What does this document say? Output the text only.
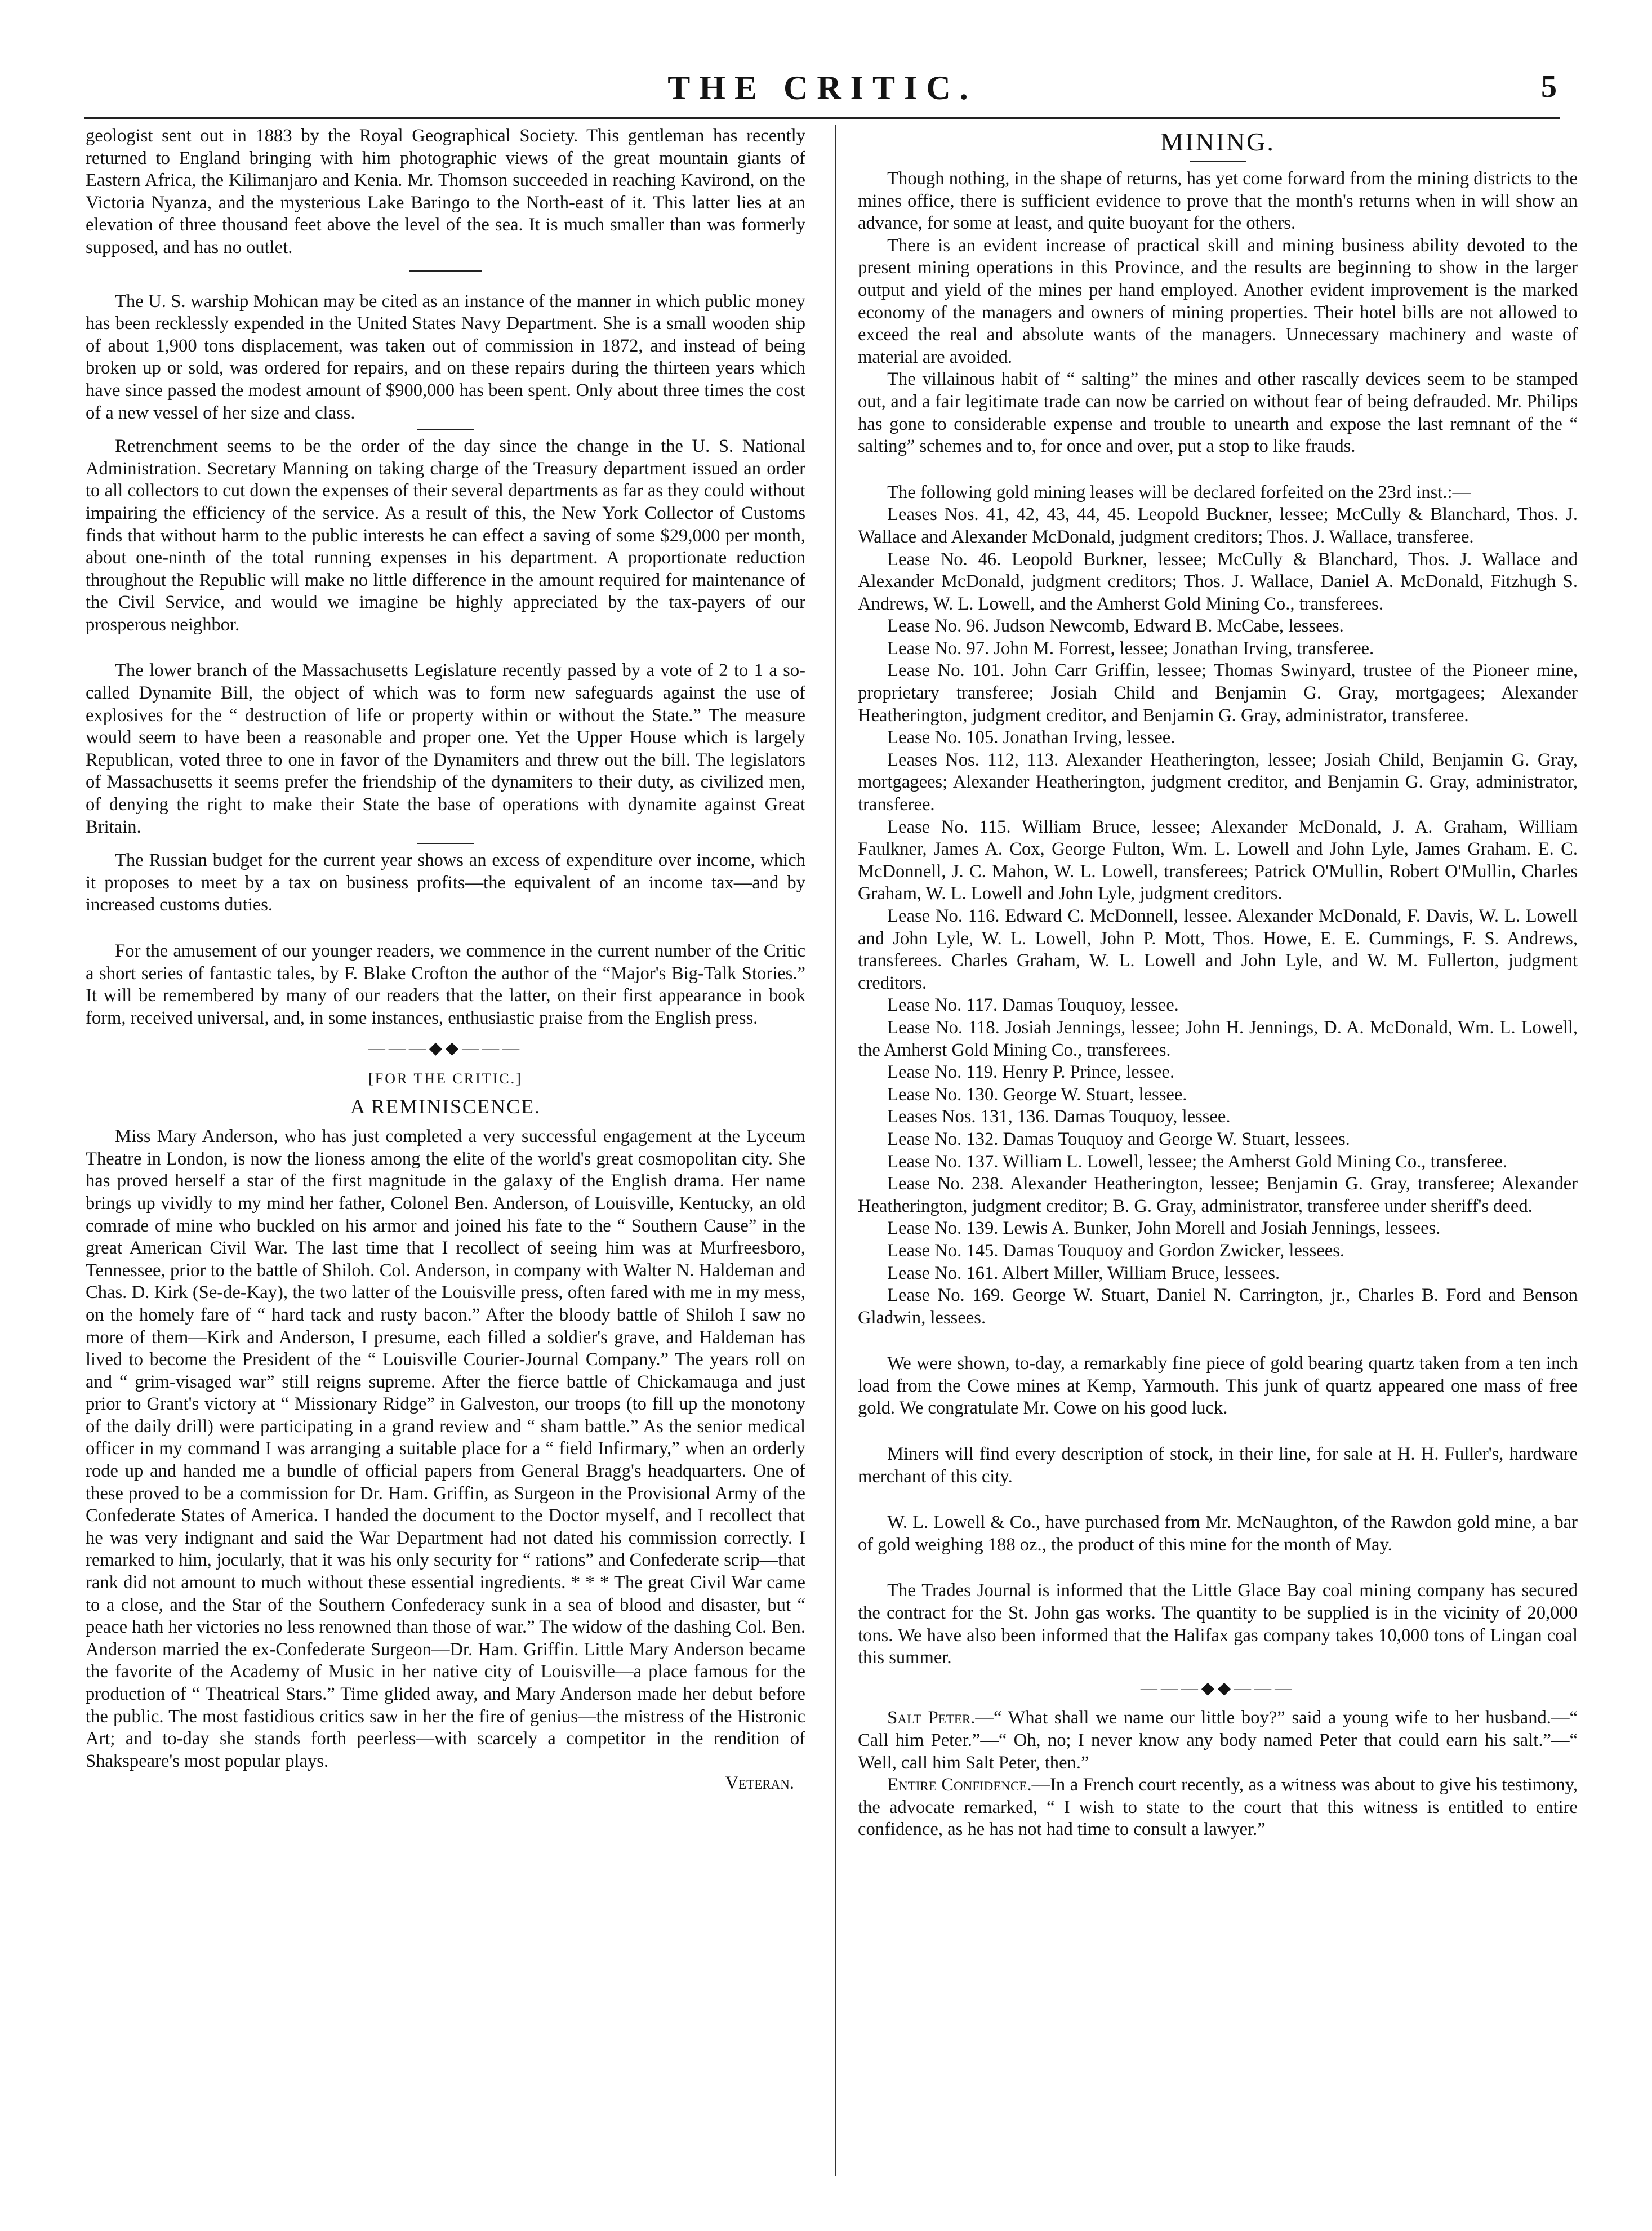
THE CRITIC.	5

geologist sent out in 1883 by the Royal Geographical Society. This gentleman has recently returned to England bringing with him photographic views of the great mountain giants of Eastern Africa, the Kilimanjaro and Kenia. Mr. Thomson succeeded in reaching Kavirond, on the Victoria Nyanza, and the mysterious Lake Baringo to the North-east of it. This latter lies at an elevation of three thousand feet above the level of the sea. It is much smaller than was formerly supposed, and has no outlet.

The U. S. warship Mohican may be cited as an instance of the manner in which public money has been recklessly expended in the United States Navy Department. She is a small wooden ship of about 1,900 tons displacement, was taken out of commission in 1872, and instead of being broken up or sold, was ordered for repairs, and on these repairs during the thirteen years which have since passed the modest amount of $900,000 has been spent. Only about three times the cost of a new vessel of her size and class.

Retrenchment seems to be the order of the day since the change in the U. S. National Administration. Secretary Manning on taking charge of the Treasury department issued an order to all collectors to cut down the expenses of their several departments as far as they could without impairing the efficiency of the service. As a result of this, the New York Collector of Customs finds that without harm to the public interests he can effect a saving of some $29,000 per month, about one-ninth of the total running expenses in his department. A proportionate reduction throughout the Republic will make no little difference in the amount required for maintenance of the Civil Service, and would we imagine be highly appreciated by the tax-payers of our prosperous neighbor.

The lower branch of the Massachusetts Legislature recently passed by a vote of 2 to 1 a so-called Dynamite Bill, the object of which was to form new safeguards against the use of explosives for the “ destruction of life or property within or without the State.” The measure would seem to have been a reasonable and proper one. Yet the Upper House which is largely Republican, voted three to one in favor of the Dynamiters and threw out the bill. The legislators of Massachusetts it seems prefer the friendship of the dynamiters to their duty, as civilized men, of denying the right to make their State the base of operations with dynamite against Great Britain.

The Russian budget for the current year shows an excess of expenditure over income, which it proposes to meet by a tax on business profits—the equivalent of an income tax—and by increased customs duties.

For the amusement of our younger readers, we commence in the current number of the Critic a short series of fantastic tales, by F. Blake Crofton the author of the “Major's Big-Talk Stories.” It will be remembered by many of our readers that the latter, on their first appearance in book form, received universal, and, in some instances, enthusiastic praise from the English press.

———◆◆———
[FOR THE CRITIC.]
A REMINISCENCE.

Miss Mary Anderson, who has just completed a very successful engagement at the Lyceum Theatre in London, is now the lioness among the elite of the world's great cosmopolitan city. She has proved herself a star of the first magnitude in the galaxy of the English drama. Her name brings up vividly to my mind her father, Colonel Ben. Anderson, of Louisville, Kentucky, an old comrade of mine who buckled on his armor and joined his fate to the “ Southern Cause” in the great American Civil War. The last time that I recollect of seeing him was at Murfreesboro, Tennessee, prior to the battle of Shiloh. Col. Anderson, in company with Walter N. Haldeman and Chas. D. Kirk (Se-de-Kay), the two latter of the Louisville press, often fared with me in my mess, on the homely fare of “ hard tack and rusty bacon.” After the bloody battle of Shiloh I saw no more of them—Kirk and Anderson, I presume, each filled a soldier's grave, and Haldeman has lived to become the President of the “ Louisville Courier-Journal Company.” The years roll on and “ grim-visaged war” still reigns supreme. After the fierce battle of Chickamauga and just prior to Grant's victory at “ Missionary Ridge” in Galveston, our troops (to fill up the monotony of the daily drill) were participating in a grand review and “ sham battle.” As the senior medical officer in my command I was arranging a suitable place for a “ field Infirmary,” when an orderly rode up and handed me a bundle of official papers from General Bragg's headquarters. One of these proved to be a commission for Dr. Ham. Griffin, as Surgeon in the Provisional Army of the Confederate States of America. I handed the document to the Doctor myself, and I recollect that he was very indignant and said the War Department had not dated his commission correctly. I remarked to him, jocularly, that it was his only security for “ rations” and Confederate scrip—that rank did not amount to much without these essential ingredients. * * * The great Civil War came to a close, and the Star of the Southern Confederacy sunk in a sea of blood and disaster, but “ peace hath her victories no less renowned than those of war.” The widow of the dashing Col. Ben. Anderson married the ex-Confederate Surgeon—Dr. Ham. Griffin. Little Mary Anderson became the favorite of the Academy of Music in her native city of Louisville—a place famous for the production of “ Theatrical Stars.” Time glided away, and Mary Anderson made her debut before the public. The most fastidious critics saw in her the fire of genius—the mistress of the Histronic Art; and to-day she stands forth peerless—with scarcely a competitor in the rendition of Shakspeare's most popular plays.

Veteran.
MINING.

Though nothing, in the shape of returns, has yet come forward from the mining districts to the mines office, there is sufficient evidence to prove that the month's returns when in will show an advance, for some at least, and quite buoyant for the others.

There is an evident increase of practical skill and mining business ability devoted to the present mining operations in this Province, and the results are beginning to show in the larger output and yield of the mines per hand employed. Another evident improvement is the marked economy of the managers and owners of mining properties. Their hotel bills are not allowed to exceed the real and absolute wants of the managers. Unnecessary machinery and waste of material are avoided.

The villainous habit of “ salting” the mines and other rascally devices seem to be stamped out, and a fair legitimate trade can now be carried on without fear of being defrauded. Mr. Philips has gone to considerable expense and trouble to unearth and expose the last remnant of the “ salting” schemes and to, for once and over, put a stop to like frauds.

The following gold mining leases will be declared forfeited on the 23rd inst.:—

Leases Nos. 41, 42, 43, 44, 45. Leopold Buckner, lessee; McCully & Blanchard, Thos. J. Wallace and Alexander McDonald, judgment creditors; Thos. J. Wallace, transferee.

Lease No. 46. Leopold Burkner, lessee; McCully & Blanchard, Thos. J. Wallace and Alexander McDonald, judgment creditors; Thos. J. Wallace, Daniel A. McDonald, Fitzhugh S. Andrews, W. L. Lowell, and the Amherst Gold Mining Co., transferees.

Lease No. 96. Judson Newcomb, Edward B. McCabe, lessees.

Lease No. 97. John M. Forrest, lessee; Jonathan Irving, transferee.

Lease No. 101. John Carr Griffin, lessee; Thomas Swinyard, trustee of the Pioneer mine, proprietary transferee; Josiah Child and Benjamin G. Gray, mortgagees; Alexander Heatherington, judgment creditor, and Benjamin G. Gray, administrator, transferee.

Lease No. 105. Jonathan Irving, lessee.

Leases Nos. 112, 113. Alexander Heatherington, lessee; Josiah Child, Benjamin G. Gray, mortgagees; Alexander Heatherington, judgment creditor, and Benjamin G. Gray, administrator, transferee.

Lease No. 115. William Bruce, lessee; Alexander McDonald, J. A. Graham, William Faulkner, James A. Cox, George Fulton, Wm. L. Lowell and John Lyle, James Graham. E. C. McDonnell, J. C. Mahon, W. L. Lowell, transferees; Patrick O'Mullin, Robert O'Mullin, Charles Graham, W. L. Lowell and John Lyle, judgment creditors.

Lease No. 116. Edward C. McDonnell, lessee. Alexander McDonald, F. Davis, W. L. Lowell and John Lyle, W. L. Lowell, John P. Mott, Thos. Howe, E. E. Cummings, F. S. Andrews, transferees. Charles Graham, W. L. Lowell and John Lyle, and W. M. Fullerton, judgment creditors.

Lease No. 117. Damas Touquoy, lessee.

Lease No. 118. Josiah Jennings, lessee; John H. Jennings, D. A. McDonald, Wm. L. Lowell, the Amherst Gold Mining Co., transferees.

Lease No. 119. Henry P. Prince, lessee.

Lease No. 130. George W. Stuart, lessee.

Leases Nos. 131, 136. Damas Touquoy, lessee.

Lease No. 132. Damas Touquoy and George W. Stuart, lessees.

Lease No. 137. William L. Lowell, lessee; the Amherst Gold Mining Co., transferee.

Lease No. 238. Alexander Heatherington, lessee; Benjamin G. Gray, transferee; Alexander Heatherington, judgment creditor; B. G. Gray, administrator, transferee under sheriff's deed.

Lease No. 139. Lewis A. Bunker, John Morell and Josiah Jennings, lessees.

Lease No. 145. Damas Touquoy and Gordon Zwicker, lessees.

Lease No. 161. Albert Miller, William Bruce, lessees.

Lease No. 169. George W. Stuart, Daniel N. Carrington, jr., Charles B. Ford and Benson Gladwin, lessees.

We were shown, to-day, a remarkably fine piece of gold bearing quartz taken from a ten inch load from the Cowe mines at Kemp, Yarmouth. This junk of quartz appeared one mass of free gold. We congratulate Mr. Cowe on his good luck.

Miners will find every description of stock, in their line, for sale at H. H. Fuller's, hardware merchant of this city.

W. L. Lowell & Co., have purchased from Mr. McNaughton, of the Rawdon gold mine, a bar of gold weighing 188 oz., the product of this mine for the month of May.

The Trades Journal is informed that the Little Glace Bay coal mining company has secured the contract for the St. John gas works. The quantity to be supplied is in the vicinity of 20,000 tons. We have also been informed that the Halifax gas company takes 10,000 tons of Lingan coal this summer.

———◆◆———

Salt Peter.—“ What shall we name our little boy?” said a young wife to her husband.—“ Call him Peter.”—“ Oh, no; I never know any body named Peter that could earn his salt.”—“ Well, call him Salt Peter, then.”

Entire Confidence.—In a French court recently, as a witness was about to give his testimony, the advocate remarked, “ I wish to state to the court that this witness is entitled to entire confidence, as he has not had time to consult a lawyer.”
